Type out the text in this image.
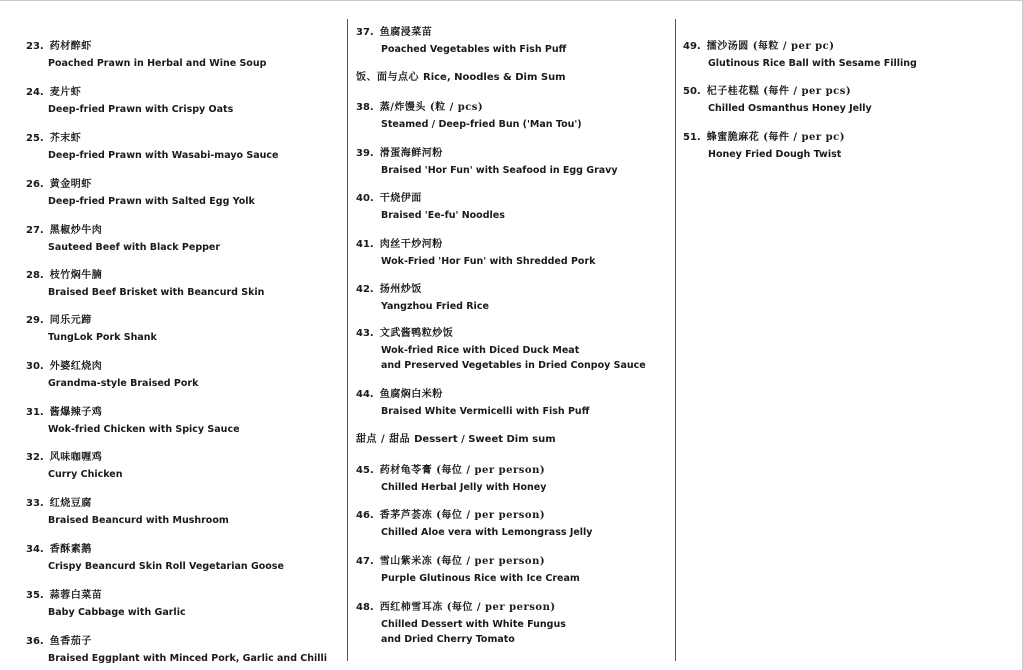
23. 药材醉虾
Poached Prawn in Herbal and Wine Soup
24. 麦片虾
Deep-fried Prawn with Crispy Oats
25. 芥末虾
Deep-fried Prawn with Wasabi-mayo Sauce
26. 黄金明虾
Deep-fried Prawn with Salted Egg Yolk
27. 黑椒炒牛肉
Sauteed Beef with Black Pepper
28. 枝竹焖牛腩
Braised Beef Brisket with Beancurd Skin
29. 同乐元蹄
TungLok Pork Shank
30. 外婆红烧肉
Grandma-style Braised Pork
31. 酱爆辣子鸡
Wok-fried Chicken with Spicy Sauce
32. 风味咖喱鸡
Curry Chicken
33. 红烧豆腐
Braised Beancurd with Mushroom
34. 香酥素鹅
Crispy Beancurd Skin Roll Vegetarian Goose
35. 蒜蓉白菜苗
Baby Cabbage with Garlic
36. 鱼香茄子
Braised Eggplant with Minced Pork, Garlic and Chilli
37. 鱼腐浸菜苗
Poached Vegetables with Fish Puff
饭、面与点心 Rice, Noodles & Dim Sum
38. 蒸/炸馒头 (粒 / pcs)
Steamed / Deep-fried Bun ('Man Tou')
39. 滑蛋海鲜河粉
Braised 'Hor Fun' with Seafood in Egg Gravy
40. 干烧伊面
Braised 'Ee-fu' Noodles
41. 肉丝干炒河粉
Wok-Fried 'Hor Fun' with Shredded Pork
42. 扬州炒饭
Yangzhou Fried Rice
43. 文武酱鸭粒炒饭
Wok-fried Rice with Diced Duck Meat
and Preserved Vegetables in Dried Conpoy Sauce
44. 鱼腐焖白米粉
Braised White Vermicelli with Fish Puff
甜点 / 甜品 Dessert / Sweet Dim sum
45. 药材龟苓膏 (每位 / per person)
Chilled Herbal Jelly with Honey
46. 香茅芦荟冻 (每位 / per person)
Chilled Aloe vera with Lemongrass Jelly
47. 雪山紫米冻 (每位 / per person)
Purple Glutinous Rice with Ice Cream
48. 西红柿雪耳冻 (每位 / per person)
Chilled Dessert with White Fungus
and Dried Cherry Tomato
49. 擂沙汤圆 (每粒 / per pc)
Glutinous Rice Ball with Sesame Filling
50. 杞子桂花糕 (每件 / per pcs)
Chilled Osmanthus Honey Jelly
51. 蜂蜜脆麻花 (每件 / per pc)
Honey Fried Dough Twist
